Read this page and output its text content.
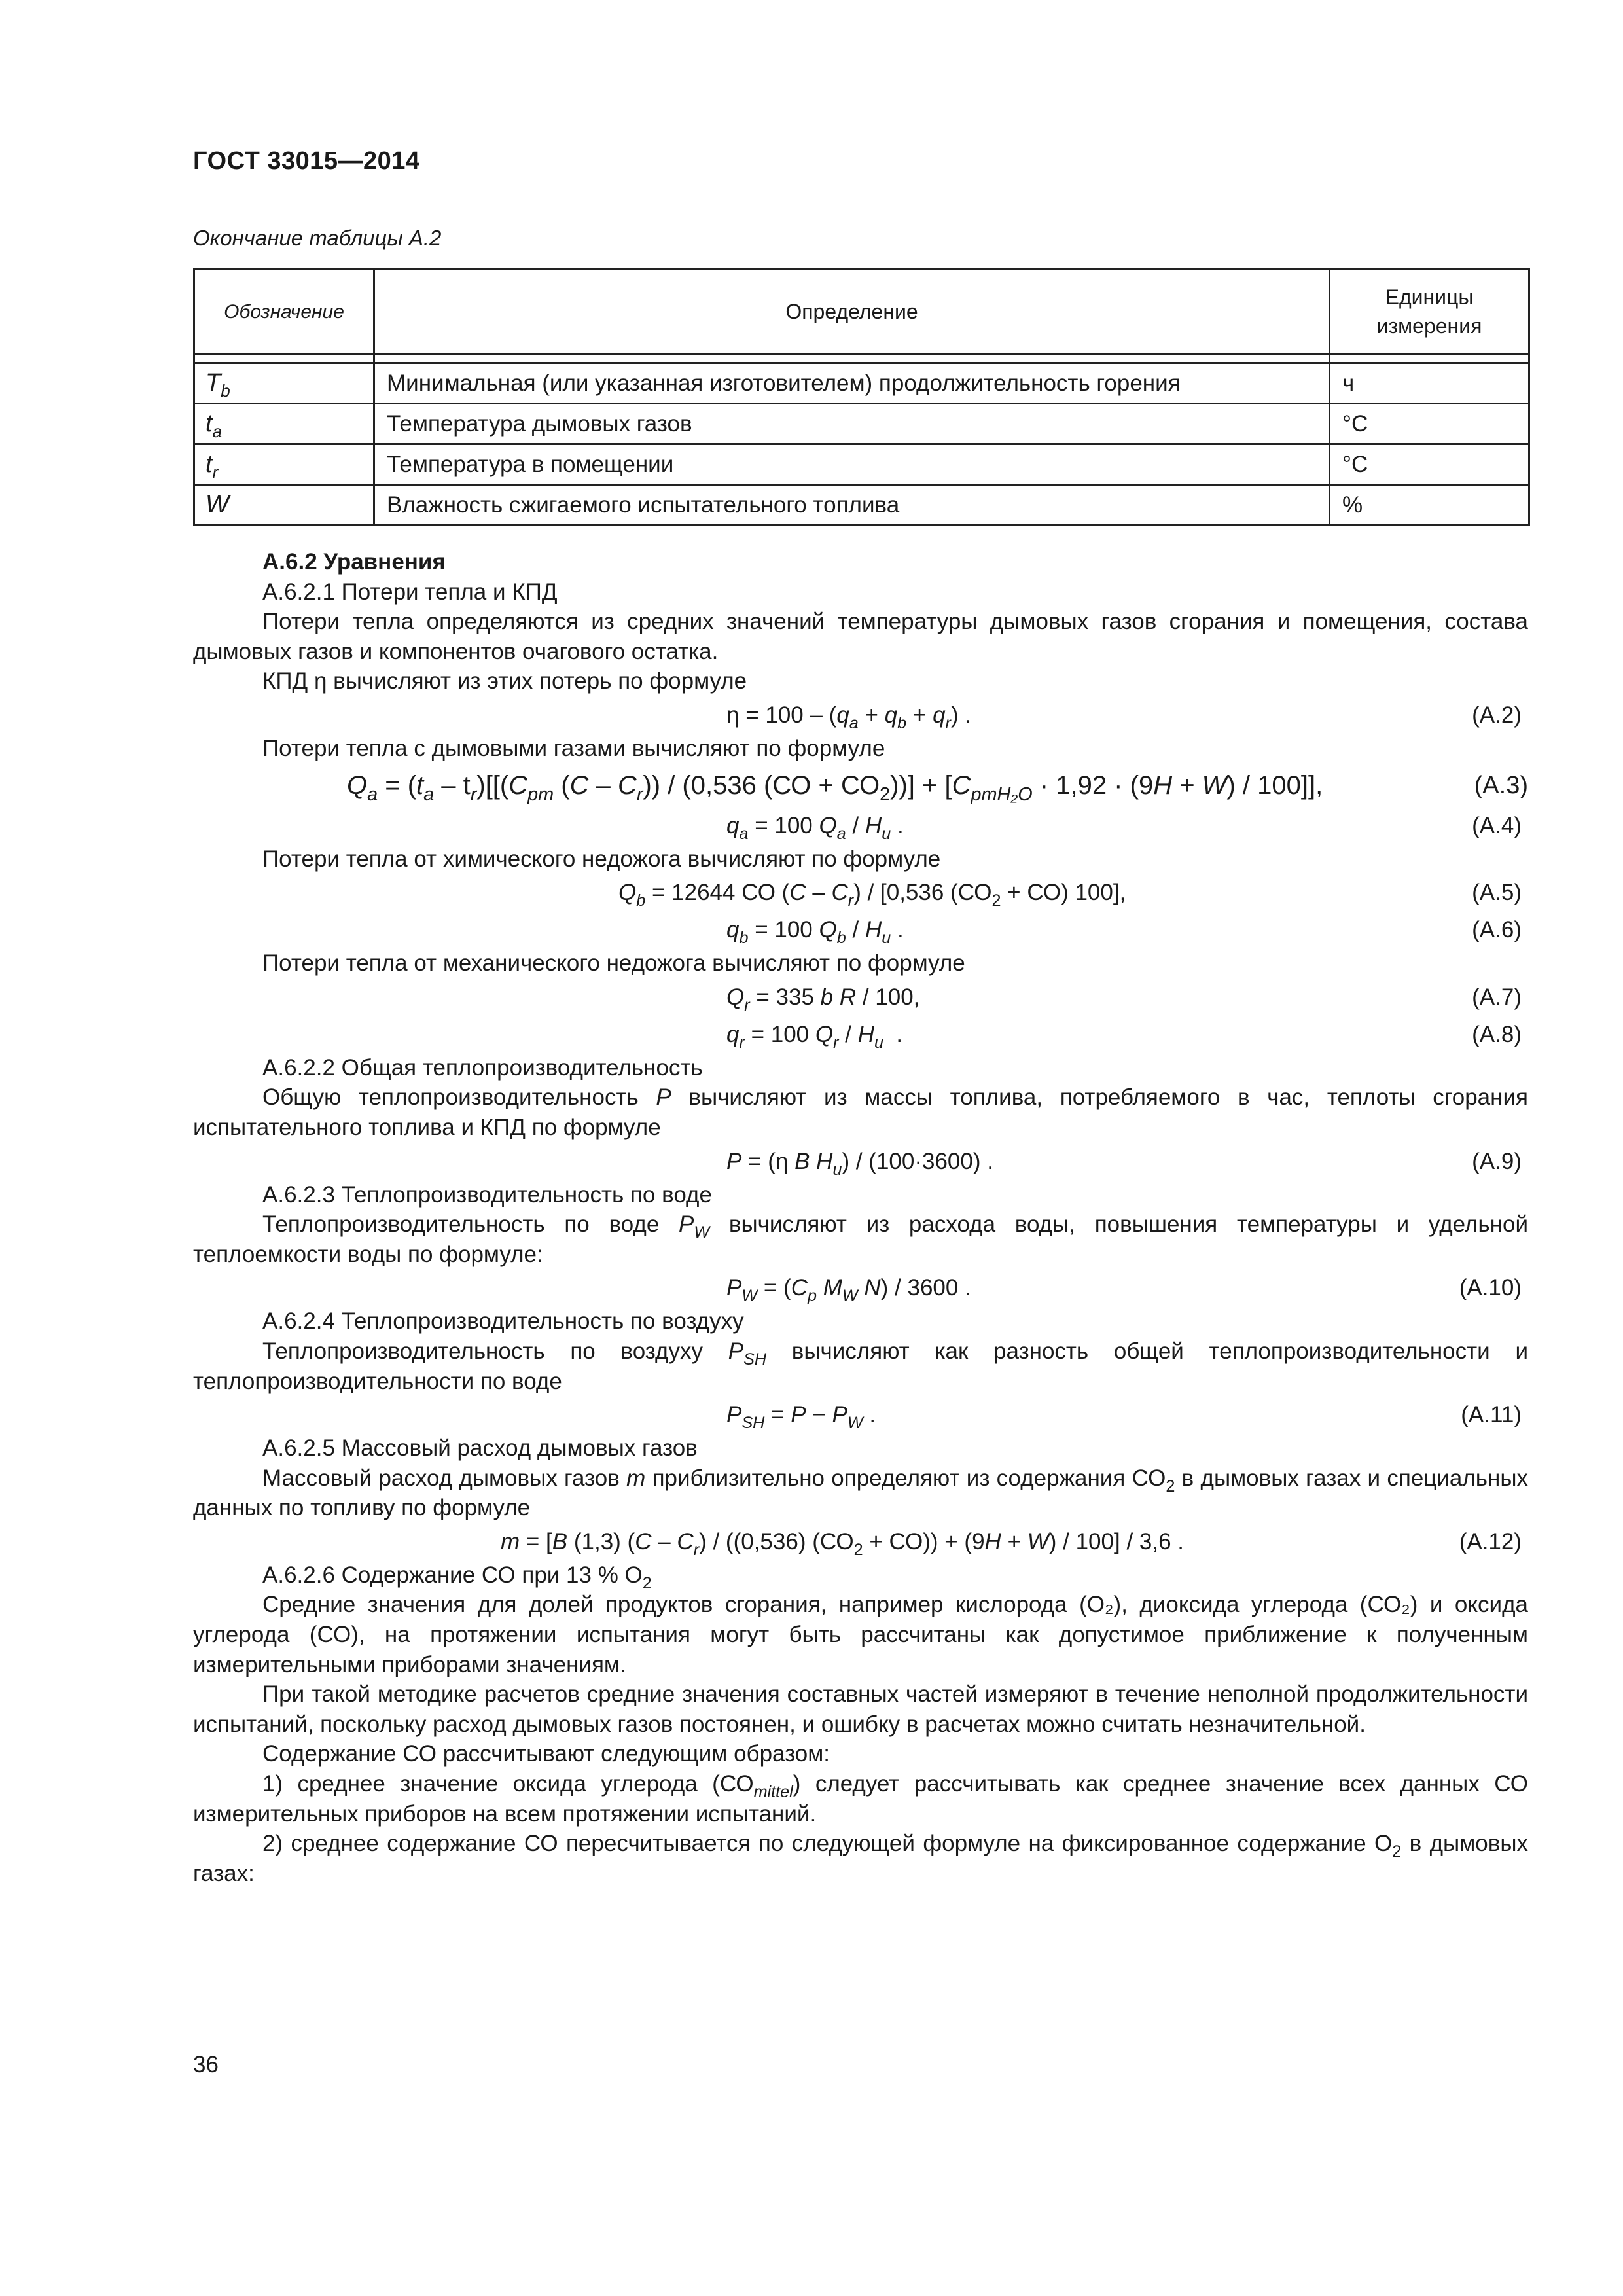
ГОСТ 33015—2014
Окончание таблицы А.2
Обозначение	Определение	Единицы
измерения

$T_b$	Минимальная (или указанная изготовителем) продолжительность горения	ч
$t_a$	Температура дымовых газов	°С
$t_r$	Температура в помещении	°С
W	Влажность сжигаемого испытательного топлива	%

А.6.2 Уравнения

А.6.2.1 Потери тепла и КПД

Потери тепла определяются из средних значений температуры дымовых газов сгорания и помещения, состава дымовых газов и компонентов очагового остатка.

КПД η вычисляют из этих потерь по формуле

$\eta = 100 - (q_a + q_b + q_r)$ .	(А.2)

Потери тепла с дымовыми газами вычисляют по формуле

$Q_a = (t_a - t_r)[[(C_{pm}$ $(C - C_r)) / (0,536$ $(СО + СО_2))] + [C_{pmH_2O} \cdot 1,92 \cdot (9H + W) / 100]$],	(А.3)
$q_a = 100$ $Q_a / H_u$ .	(А.4)

Потери тепла от химического недожога вычисляют по формуле

$Q_b = 12644$ СО $(C - C_r) / [0,536$ $(СО_2 + СО)$ 100],	(А.5)
$q_b = 100$ $Q_b / H_u$ .	(А.6)

Потери тепла от механического недожога вычисляют по формуле

$Q_r = 335$ b R / 100,	(А.7)
$q_r = 100$ $Q_r / H_u$  .	(А.8)

А.6.2.2 Общая теплопроизводительность

Общую теплопроизводительность P вычисляют из массы топлива, потребляемого в час, теплоты сгорания испытательного топлива и КПД по формуле

P = (η B $H_u) / (100\cdot 3600)$ .	(А.9)

А.6.2.3 Теплопроизводительность по воде

Теплопроизводительность по воде $P_W$ вычисляют из расхода воды, повышения температуры и удельной теплоемкости воды по формуле:

$P_W = (C_p$ $M_W$ N) / 3600 .	(А.10)

А.6.2.4 Теплопроизводительность по воздуху

Теплопроизводительность по воздуху $P_{SH}$ вычисляют как разность общей теплопроизводительности и теплопроизводительности по воде

$P_{SH} = P - P_W$ .	(А.11)

А.6.2.5 Массовый расход дымовых газов

Массовый расход дымовых газов m приблизительно определяют из содержания $СО_2$ в дымовых газах и специальных данных по топливу по формуле

m = [B (1,3) $(C - C_r) / ((0,536) (СО_2 + СО)) + (9H + W) / 100] / 3,6$ .	(А.12)

А.6.2.6 Содержание СО при 13 % $О_2$

Средние значения для долей продуктов сгорания, например кислорода (О₂), диоксида углерода (СО₂) и оксида углерода (СО), на протяжении испытания могут быть рассчитаны как допустимое приближение к полученным измерительными приборами значениям.

При такой методике расчетов средние значения составных частей измеряют в течение неполной продолжительности испытаний, поскольку расход дымовых газов постоянен, и ошибку в расчетах можно считать незначительной.

Содержание СО рассчитывают следующим образом:

1) среднее значение оксида углерода $(СО_{mittel})$ следует рассчитывать как среднее значение всех данных СО измерительных приборов на всем протяжении испытаний.

2) среднее содержание СО пересчитывается по следующей формуле на фиксированное содержание $О_2$ в дымовых газах:

36
